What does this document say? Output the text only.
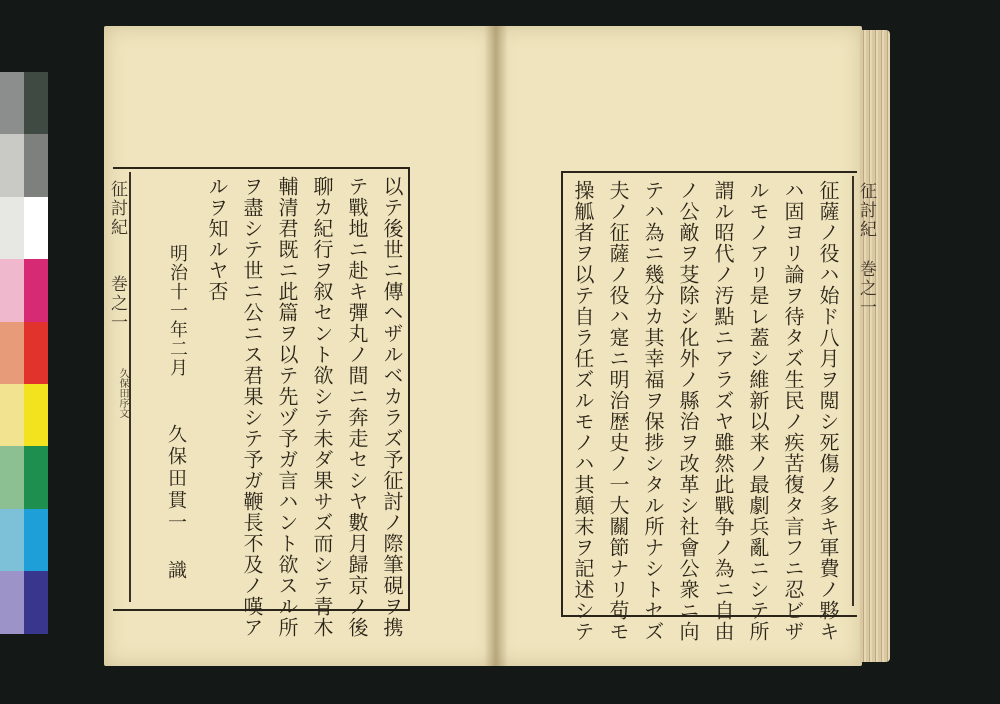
征討紀
巻之一
久保田序文	以テ後世ニ傳ヘザルベカラズ予征討ノ際筆硯ヲ携
テ戰地ニ赴キ彈丸ノ間ニ奔走セシヤ數月歸京ノ後
聊カ紀行ヲ叙セント欲シテ未ダ果サズ而シテ青木
輔清君既ニ此篇ヲ以テ先ヅ予ガ言ハント欲スル所
ヲ盡シテ世ニ公ニス君果シテ予ガ鞭長不及ノ嘆ア
ルヲ知ルヤ否
明治十一年二月
久保田貫一
識	征薩ノ役ハ始ド八月ヲ閲シ死傷ノ多キ軍費ノ夥キ
ハ固ヨリ論ヲ待タズ生民ノ疾苦復タ言フニ忍ビザ
ルモノアリ是レ蓋シ維新以来ノ最劇兵亂ニシテ所
謂ル昭代ノ汚點ニアラズヤ雖然此戰争ノ為ニ自由
ノ公敵ヲ芟除シ化外ノ縣治ヲ改革シ社會公衆ニ向
テハ為ニ幾分カ其幸福ヲ保捗シタル所ナシトセズ
夫ノ征薩ノ役ハ寔ニ明治歴史ノ一大關節ナリ苟モ
操觚者ヲ以テ自ラ任ズルモノハ其顛末ヲ記述シテ	征討紀
巻之一
